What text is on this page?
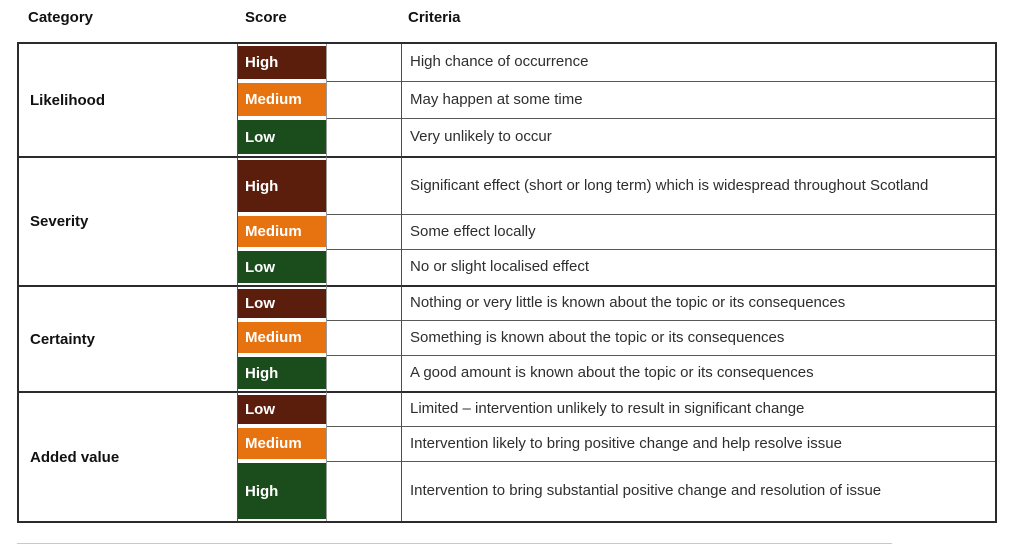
Category	Score	Criteria
Likelihood
High	High chance of occurrence
Medium	May happen at some time
Low	Very unlikely to occur
Severity
High	Significant effect (short or long term) which is widespread throughout Scotland
Medium	Some effect locally
Low	No or slight localised effect
Certainty
Low	Nothing or very little is known about the topic or its consequences
Medium	Something is known about the topic or its consequences
High	A good amount is known about the topic or its consequences
Added value
Low	Limited – intervention unlikely to result in significant change
Medium	Intervention likely to bring positive change and help resolve issue
High	Intervention to bring substantial positive change and resolution of issue
